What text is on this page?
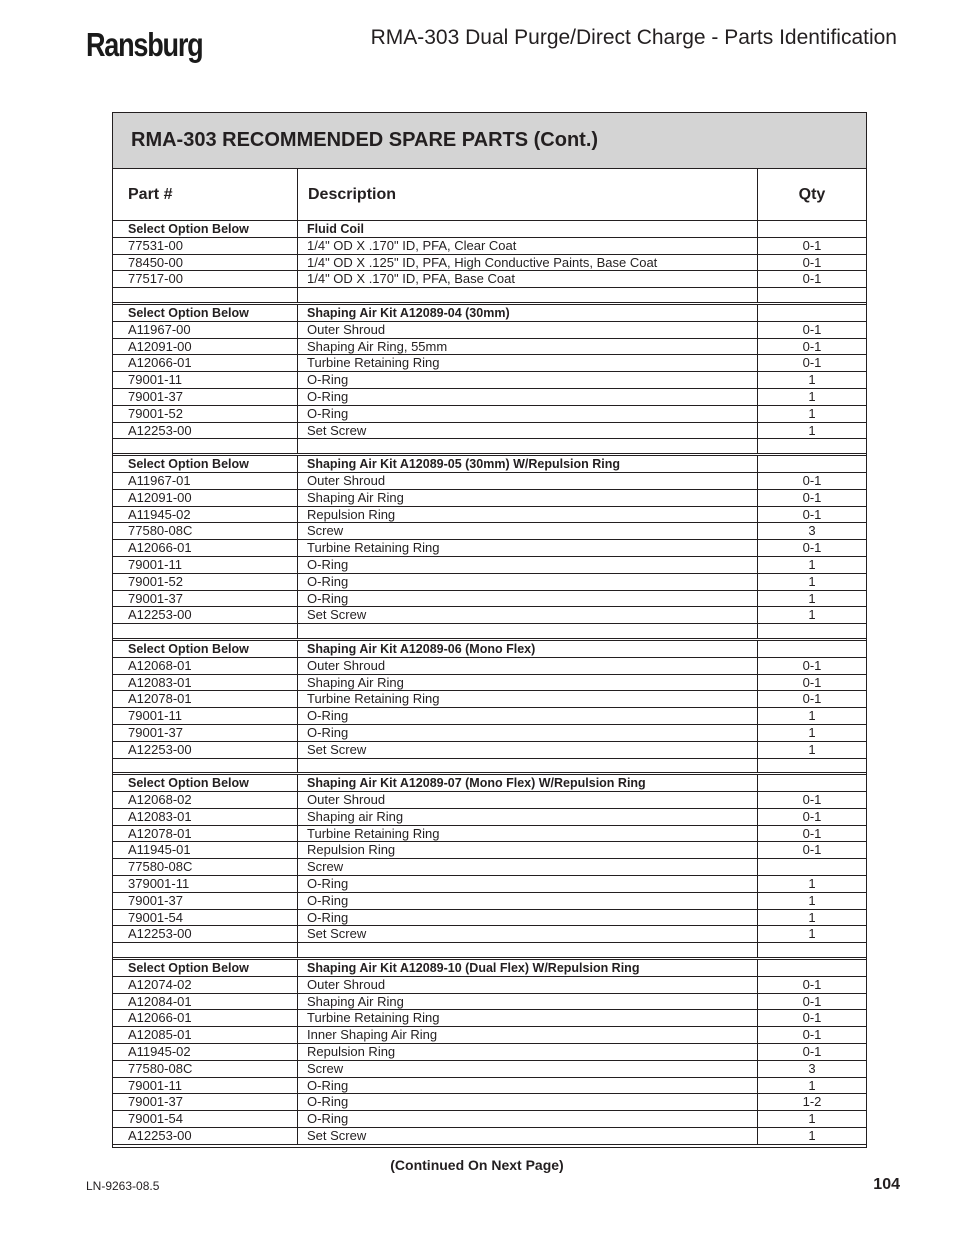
Ransburg	RMA-303 Dual Purge/Direct Charge - Parts Identification
RMA-303 RECOMMENDED SPARE PARTS (Cont.)
Part #	Description	Qty
Select Option Below	Fluid Coil
77531-00	1/4" OD X .170" ID, PFA, Clear Coat	0-1
78450-00	1/4" OD X .125" ID, PFA, High Conductive Paints, Base Coat	0-1
77517-00	1/4" OD X .170" ID, PFA, Base Coat	0-1
Select Option Below	Shaping Air Kit A12089-04 (30mm)
A11967-00	Outer Shroud	0-1
A12091-00	Shaping Air Ring, 55mm	0-1
A12066-01	Turbine Retaining Ring	0-1
79001-11	O-Ring	1
79001-37	O-Ring	1
79001-52	O-Ring	1
A12253-00	Set Screw	1
Select Option Below	Shaping Air Kit A12089-05 (30mm) W/Repulsion Ring
A11967-01	Outer Shroud	0-1
A12091-00	Shaping Air Ring	0-1
A11945-02	Repulsion Ring	0-1
77580-08C	Screw	3
A12066-01	Turbine Retaining Ring	0-1
79001-11	O-Ring	1
79001-52	O-Ring	1
79001-37	O-Ring	1
A12253-00	Set Screw	1
Select Option Below	Shaping Air Kit A12089-06 (Mono Flex)
A12068-01	Outer Shroud	0-1
A12083-01	Shaping Air Ring	0-1
A12078-01	Turbine Retaining Ring	0-1
79001-11	O-Ring	1
79001-37	O-Ring	1
A12253-00	Set Screw	1
Select Option Below	Shaping Air Kit A12089-07 (Mono Flex) W/Repulsion Ring
A12068-02	Outer Shroud	0-1
A12083-01	Shaping air Ring	0-1
A12078-01	Turbine Retaining Ring	0-1
A11945-01	Repulsion Ring	0-1
77580-08C	Screw
379001-11	O-Ring	1
79001-37	O-Ring	1
79001-54	O-Ring	1
A12253-00	Set Screw	1
Select Option Below	Shaping Air Kit A12089-10 (Dual Flex) W/Repulsion Ring
A12074-02	Outer Shroud	0-1
A12084-01	Shaping Air Ring	0-1
A12066-01	Turbine Retaining Ring	0-1
A12085-01	Inner Shaping Air Ring	0-1
A11945-02	Repulsion Ring	0-1
77580-08C	Screw	3
79001-11	O-Ring	1
79001-37	O-Ring	1-2
79001-54	O-Ring	1
A12253-00	Set Screw	1
(Continued On Next Page)
LN-9263-08.5	104
